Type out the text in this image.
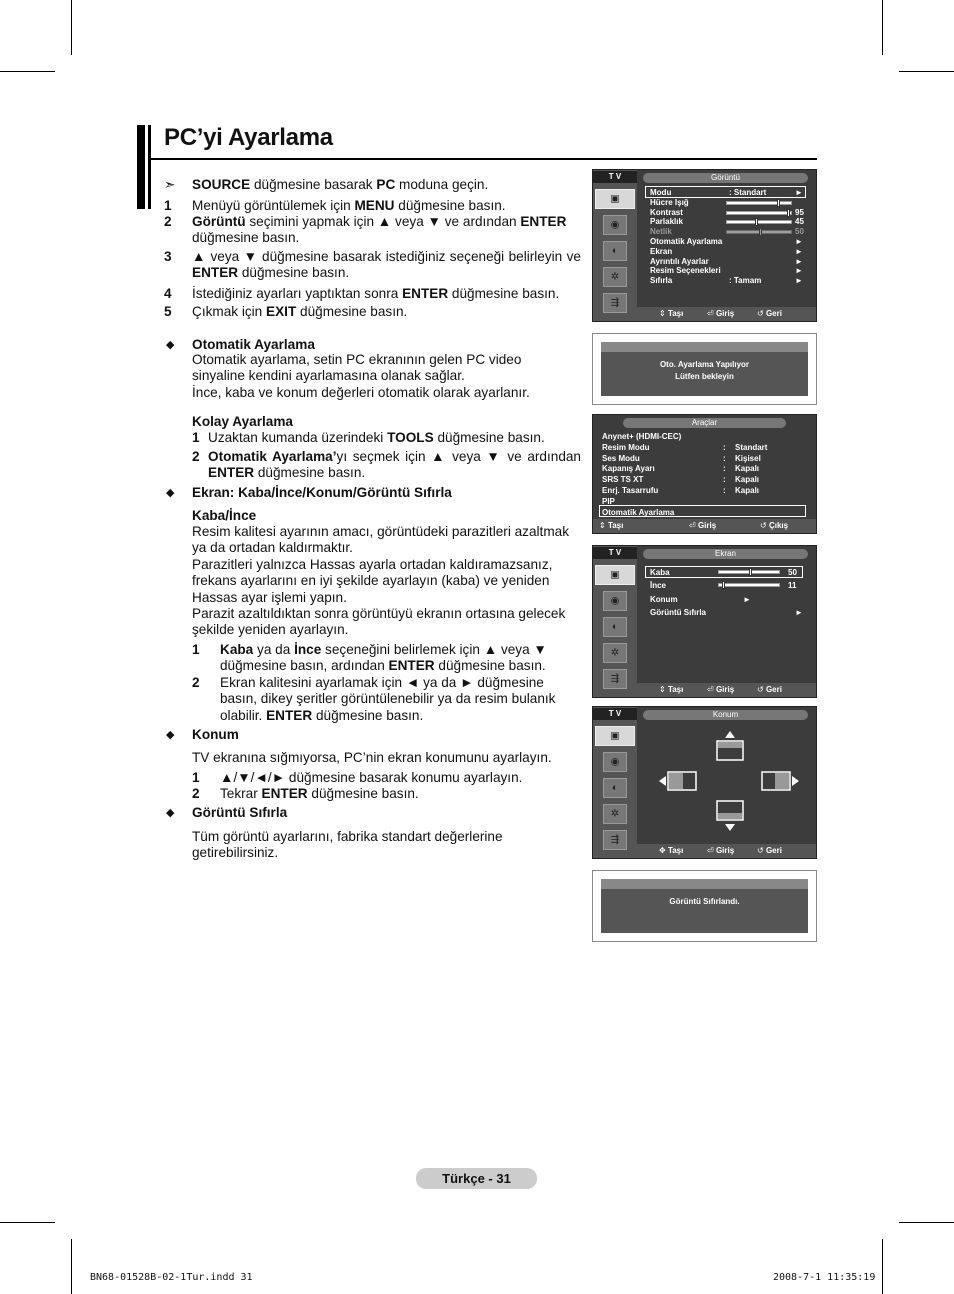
PC’yi Ayarlama
➣ SOURCE düğmesine basarak PC moduna geçin.
1 Menüyü görüntülemek için MENU düğmesine basın.
2 Görüntü seçimini yapmak için ▲ veya ▼ ve ardından ENTER
düğmesine basın.
3 ▲ veya ▼ düğmesine basarak istediğiniz seçeneği belirleyin ve ENTER düğmesine basın.
4 İstediğiniz ayarları yaptıktan sonra ENTER düğmesine basın.
5 Çıkmak için EXIT düğmesine basın.
◆ Otomatik Ayarlama
Otomatik ayarlama, setin PC ekranının gelen PC video sinyaline kendini ayarlamasına olanak sağlar.
İnce, kaba ve konum değerleri otomatik olarak ayarlanır.
Kolay Ayarlama
1 Uzaktan kumanda üzerindeki TOOLS düğmesine basın.
2 Otomatik Ayarlama’yı seçmek için ▲ veya ▼ ve ardından ENTER düğmesine basın.
◆ Ekran: Kaba/İnce/Konum/Görüntü Sıfırla
Kaba/İnce
Resim kalitesi ayarının amacı, görüntüdeki parazitleri azaltmak ya da ortadan kaldırmaktır.
Parazitleri yalnızca Hassas ayarla ortadan kaldıramazsanız, frekans ayarlarını en iyi şekilde ayarlayın (kaba) ve yeniden Hassas ayar işlemi yapın.
Parazit azaltıldıktan sonra görüntüyü ekranın ortasına gelecek şekilde yeniden ayarlayın.
1 Kaba ya da İnce seçeneğini belirlemek için ▲ veya ▼ düğmesine basın, ardından ENTER düğmesine basın.
2 Ekran kalitesini ayarlamak için ◄ ya da ► düğmesine basın, dikey şeritler görüntülenebilir ya da resim bulanık olabilir. ENTER düğmesine basın.
◆ Konum
TV ekranına sığmıyorsa, PC’nin ekran konumunu ayarlayın.
1 ▲/▼/◄/► düğmesine basarak konumu ayarlayın.
2 Tekrar ENTER düğmesine basın.
◆ Görüntü Sıfırla
Tüm görüntü ayarlarını, fabrika standart değerlerine getirebilirsiniz.
T V
▣
◉
◐
✲
⇶
Görüntü
Modu	: Standart	►
Hücre Işığ
Kontrast	95
Parlaklık	45
Netlik	50
Otomatik Ayarlama	►
Ekran	►
Ayrıntılı Ayarlar	►
Resim Seçenekleri	►
Sıfırla	: Tamam	►
⇕ Taşı	⏎ Giriş	↺ Geri
Oto. Ayarlama Yapılıyor
Lütfen bekleyin
Araçlar
Anynet+ (HDMI-CEC)
Resim Modu	: Standart
Ses Modu	: Kişisel
Kapanış Ayarı	: Kapalı
SRS TS XT	: Kapalı
Enrj. Tasarrufu	: Kapalı
PIP
Otomatik Ayarlama
⇕ Taşı	⏎ Giriş	↺ Çıkış
T V
▣
◉
◐
✲
⇶
Ekran
Kaba	50
İnce	11
Konum	►
Görüntü Sıfırla	►
⇕ Taşı	⏎ Giriş	↺ Geri
T V
▣
◉
◐
✲
⇶
Konum
✥ Taşı	⏎ Giriş	↺ Geri
Görüntü Sıfırlandı.
Türkçe - 31
BN68-01528B-02-1Tur.indd 31	2008-7-1 11:35:19
